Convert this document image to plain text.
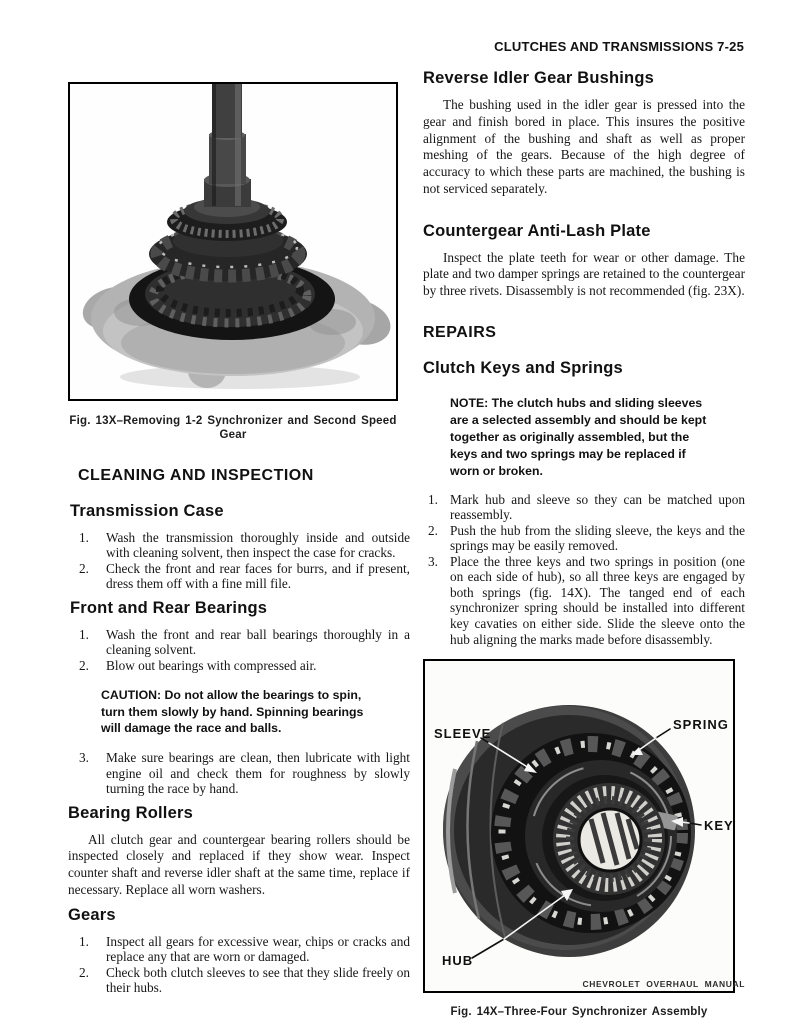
CLUTCHES AND TRANSMISSIONS 7-25
Fig. 13X–Removing 1-2 Synchronizer and Second Speed Gear
CLEANING AND INSPECTION
Transmission Case
1.	Wash the transmission thoroughly inside and outside with cleaning solvent, then inspect the case for cracks.
2.	Check the front and rear faces for burrs, and if present, dress them off with a fine mill file.
Front and Rear Bearings
1.	Wash the front and rear ball bearings thoroughly in a cleaning solvent.
2.	Blow out bearings with compressed air.
CAUTION: Do not allow the bearings to spin, turn them slowly by hand. Spinning bearings will damage the race and balls.
3.	Make sure bearings are clean, then lubricate with light engine oil and check them for roughness by slowly turning the race by hand.
Bearing Rollers

All clutch gear and countergear bearing rollers should be inspected closely and replaced if they show wear. Inspect counter shaft and reverse idler shaft at the same time, replace if necessary. Replace all worn washers.

Gears
1.	Inspect all gears for excessive wear, chips or cracks and replace any that are worn or damaged.
2.	Check both clutch sleeves to see that they slide freely on their hubs.
Reverse Idler Gear Bushings

The bushing used in the idler gear is pressed into the gear and finish bored in place. This insures the positive alignment of the bushing and shaft as well as proper meshing of the gears. Because of the high degree of accuracy to which these parts are machined, the bushing is not serviced separately.

Countergear Anti-Lash Plate

Inspect the plate teeth for wear or other damage. The plate and two damper springs are retained to the countergear by three rivets. Disassembly is not recommended (fig. 23X).

REPAIRS
Clutch Keys and Springs
NOTE: The clutch hubs and sliding sleeves are a selected assembly and should be kept together as originally assembled, but the keys and two springs may be replaced if worn or broken.
1. Mark hub and sleeve so they can be matched upon reassembly.
2. Push the hub from the sliding sleeve, the keys and the springs may be easily removed.
3. Place the three keys and two springs in position (one on each side of hub), so all three keys are engaged by both springs (fig. 14X). The tanged end of each synchronizer spring should be installed into different key cavaties on either side. Slide the sleeve onto the hub aligning the marks made before disassembly.
SLEEVE
SPRING
KEY
HUB
Fig. 14X–Three-Four Synchronizer Assembly
CHEVROLET OVERHAUL MANUAL
